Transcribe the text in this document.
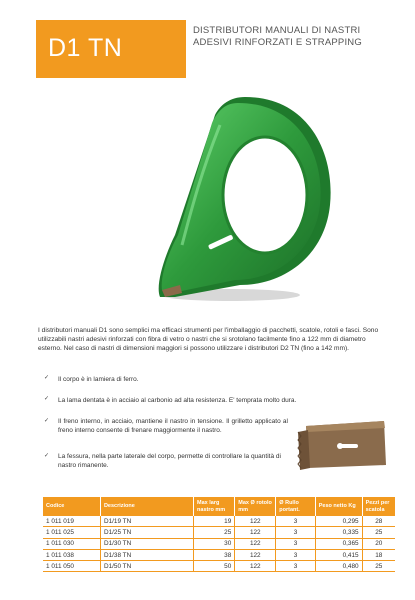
D1 TN
DISTRIBUTORI MANUALI DI NASTRI
ADESIVI RINFORZATI E STRAPPING
I distributori manuali D1 sono semplici ma efficaci strumenti per l'imballaggio di pacchetti, scatole, rotoli e fasci. Sono utilizzabili nastri adesivi rinforzati con fibra di vetro o nastri che si srotolano facilmente fino a 122 mm di diametro esterno. Nel caso di nastri di dimensioni maggiori si possono utilizzare i distributori D2 TN (fino a 142 mm).
✓ Il corpo è in lamiera di ferro.
✓ La lama dentata è in acciaio al carbonio ad alta resistenza. E' temprata molto dura.
✓ Il freno interno, in acciaio, mantiene il nastro in tensione. Il grilletto applicato al freno interno consente di frenare maggiormente il nastro.
✓ La fessura, nella parte laterale del corpo, permette di controllare la quantità di nastro rimanente.
Codice	Descrizione	Max larg nastro mm	Max Ø rotolo mm	Ø Rullo portant.	Peso netto Kg	Pezzi per scatola
1 011 019	D1/19 TN	19	122	3	0,295	28
1 011 025	D1/25 TN	25	122	3	0,335	25
1 011 030	D1/30 TN	30	122	3	0,365	20
1 011 038	D1/38 TN	38	122	3	0,415	18
1 011 050	D1/50 TN	50	122	3	0,480	25
